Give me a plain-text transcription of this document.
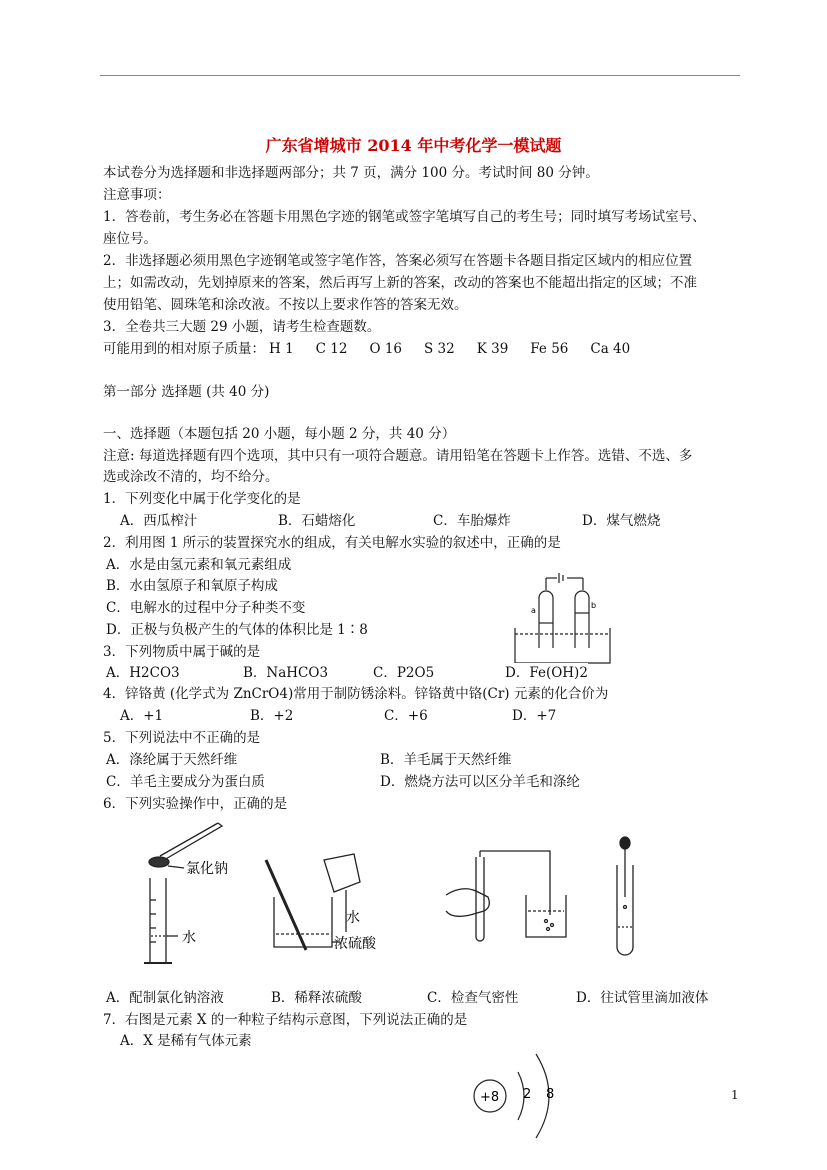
广东省增城市 2014 年中考化学一模试题
本试卷分为选择题和非选择题两部分；共 7 页，满分 100 分。考试时间 80 分钟。
注意事项：
1．答卷前，考生务必在答题卡用黑色字迹的钢笔或签字笔填写自己的考生号；同时填写考场试室号、
座位号。
2．非选择题必须用黑色字迹钢笔或签字笔作答，答案必须写在答题卡各题目指定区域内的相应位置
上；如需改动，先划掉原来的答案，然后再写上新的答案，改动的答案也不能超出指定的区域；不准
使用铅笔、圆珠笔和涂改液。不按以上要求作答的答案无效。
3．全卷共三大题 29 小题，请考生检查题数。
可能用到的相对原子质量： H 1 C 12 O 16 S 32 K 39 Fe 56 Ca 40
第一部分 选择题 (共 40 分)
一、选择题（本题包括 20 小题，每小题 2 分，共 40 分）
注意: 每道选择题有四个选项，其中只有一项符合题意。请用铅笔在答题卡上作答。选错、不选、多
选或涂改不清的，均不给分。
1．下列变化中属于化学变化的是
A．西瓜榨汁	B．石蜡熔化	C．车胎爆炸	D．煤气燃烧
2．利用图 1 所示的装置探究水的组成，有关电解水实验的叙述中，正确的是
A．水是由氢元素和氧元素组成
B．水由氢原子和氧原子构成
C．电解水的过程中分子种类不变
D．正极与负极产生的气体的体积比是 1∶8
a
b
3．下列物质中属于碱的是
A．H2CO3	B．NaHCO3	C．P2O5	D．Fe(OH)2
4．锌铬黄 (化学式为 ZnCrO4)常用于制防锈涂料。锌铬黄中铬(Cr) 元素的化合价为
A．+1	B．+2	C．+6	D．+7
5．下列说法中不正确的是
A．涤纶属于天然纤维	B．羊毛属于天然纤维
C．羊毛主要成分为蛋白质	D．燃烧方法可以区分羊毛和涤纶
6．下列实验操作中，正确的是
氯化钠
水
水
浓硫酸
A．配制氯化钠溶液	B．稀释浓硫酸	C．检查气密性	D．往试管里滴加液体
7．右图是元素 X 的一种粒子结构示意图，下列说法正确的是
A．X 是稀有气体元素
+8 2 8	1
